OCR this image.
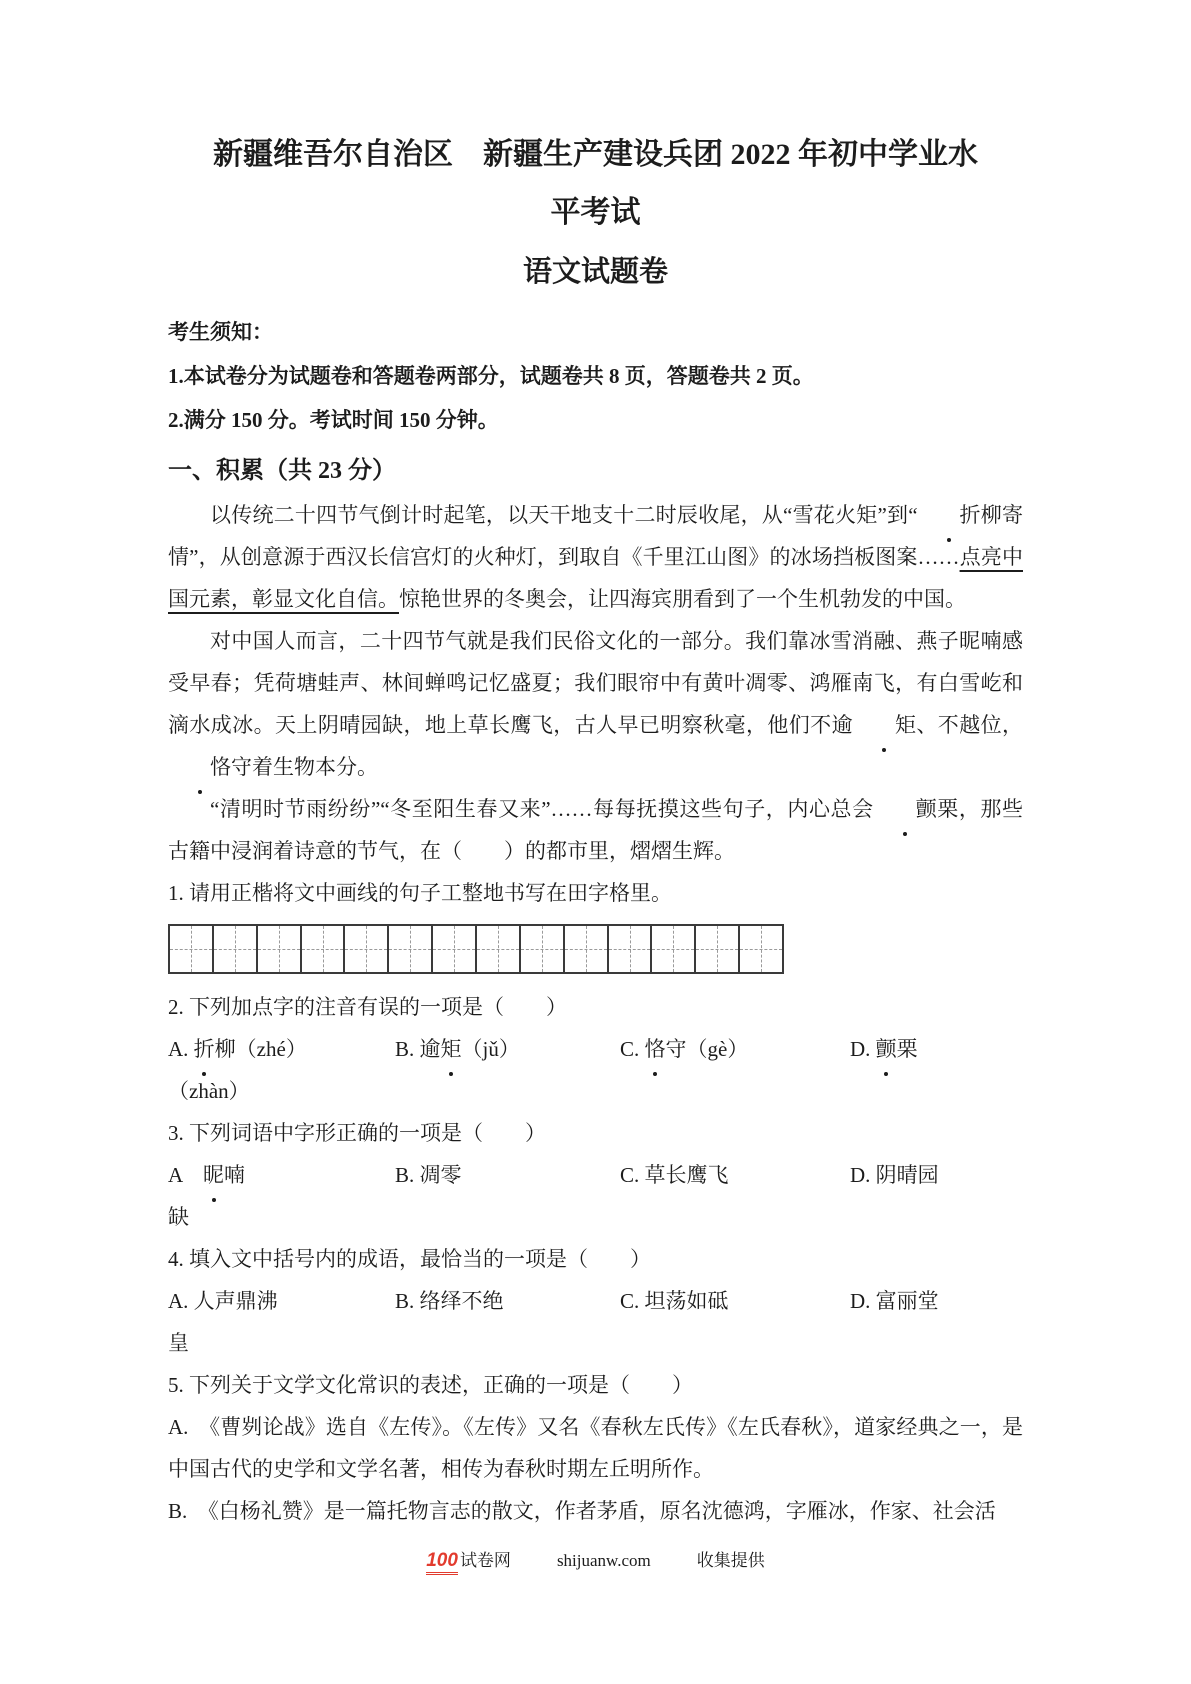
新疆维吾尔自治区　新疆生产建设兵团 2022 年初中学业水
平考试
语文试题卷
考生须知：
1.本试卷分为试题卷和答题卷两部分，试题卷共 8 页，答题卷共 2 页。
2.满分 150 分。考试时间 150 分钟。
一、积累（共 23 分）

以传统二十四节气倒计时起笔，以天干地支十二时辰收尾，从“雪花火矩”到“ 折柳寄情”，从创意源于西汉长信宫灯的火种灯，到取自《千里江山图》的冰场挡板图案……点亮中国元素，彰显文化自信。惊艳世界的冬奥会，让四海宾朋看到了一个生机勃发的中国。

对中国人而言，二十四节气就是我们民俗文化的一部分。我们靠冰雪消融、燕子昵喃感受早春；凭荷塘蛙声、林间蝉鸣记忆盛夏；我们眼帘中有黄叶凋零、鸿雁南飞，有白雪屹和滴水成冰。天上阴晴园缺，地上草长鹰飞，古人早已明察秋毫，他们不逾 矩、不越位，恪守着生物本分。

“清明时节雨纷纷”“冬至阳生春又来”……每每抚摸这些句子，内心总会 颤栗，那些古籍中浸润着诗意的节气，在（　　）的都市里，熠熠生辉。

1. 请用正楷将文中画线的句子工整地书写在田字格里。
2. 下列加点字的注音有误的一项是（　　）
A. 折柳（zhé）	B. 逾矩（jǔ）	C. 恪守（gè）	D. 颤栗
（zhàn）
3. 下列词语中字形正确的一项是（　　）
A　昵喃	B. 凋零	C. 草长鹰飞	D. 阴晴园
缺
4. 填入文中括号内的成语，最恰当的一项是（　　）
A. 人声鼎沸	B. 络绎不绝	C. 坦荡如砥	D. 富丽堂
皇
5. 下列关于文学文化常识的表述，正确的一项是（　　）

A.　《曹刿论战》选自《左传》。《左传》又名《春秋左氏传》《左氏春秋》，道家经典之一，是中国古代的史学和文学名著，相传为春秋时期左丘明所作。

B.　《白杨礼赞》是一篇托物言志的散文，作者茅盾，原名沈德鸿，字雁冰，作家、社会活

100 试卷网	shijuanw.com	收集提供
